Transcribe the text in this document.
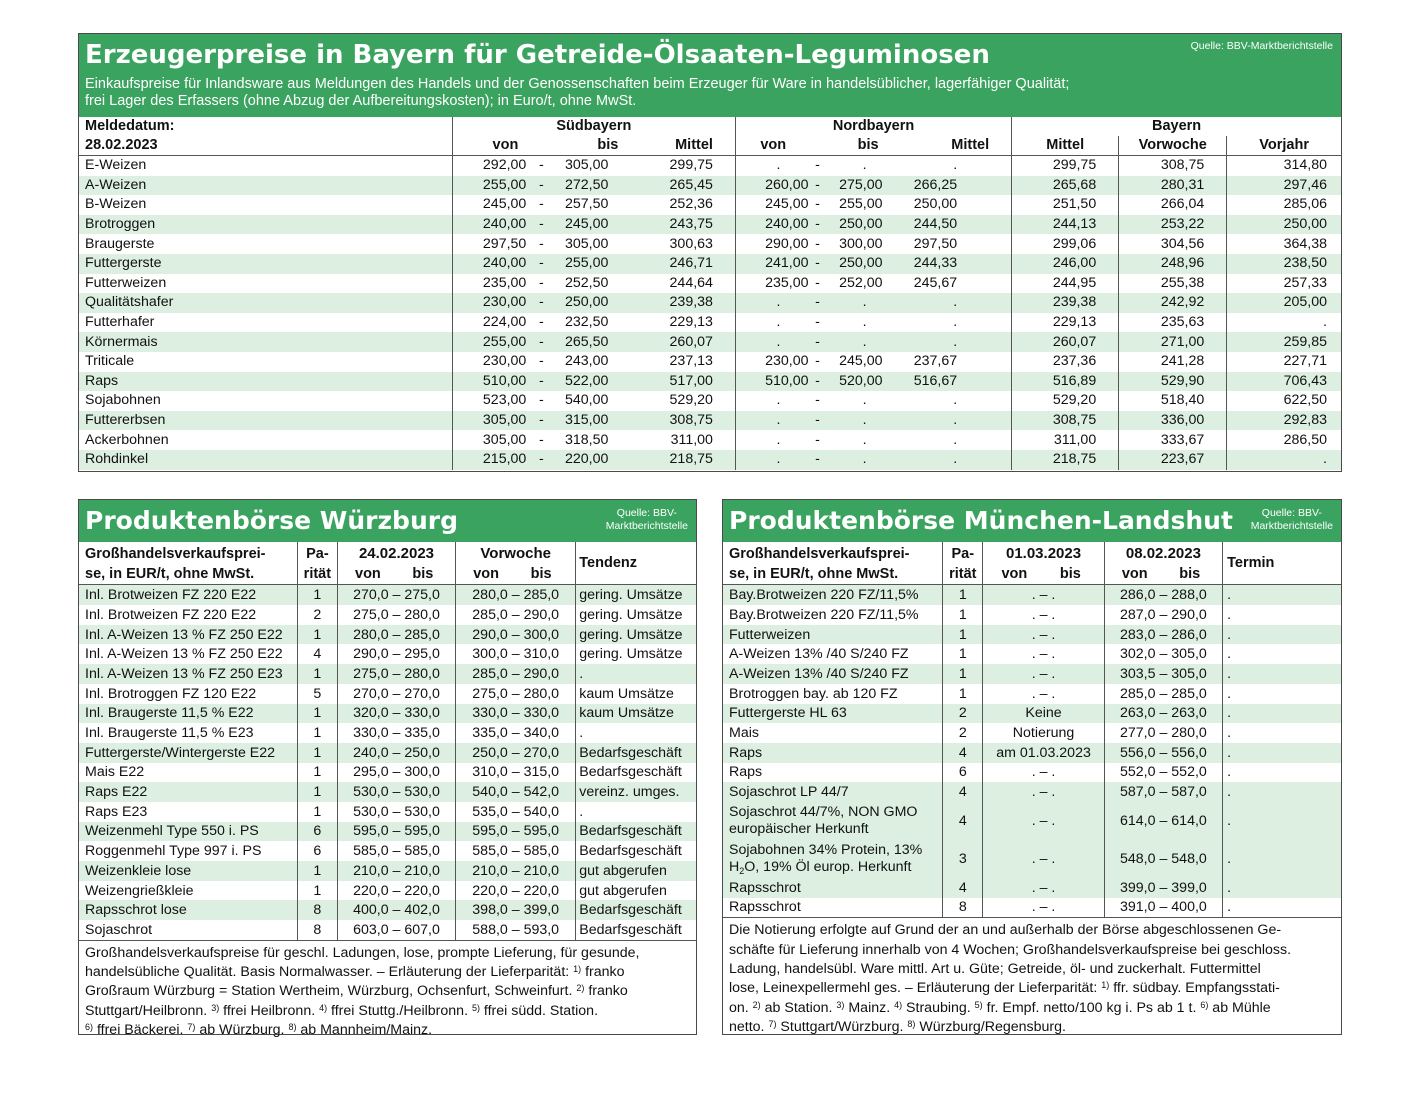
Erzeugerpreise in Bayern für Getreide-Ölsaaten-Leguminosen	Quelle: BBV-Marktberichtstelle
Einkaufspreise für Inlandsware aus Meldungen des Handels und der Genossenschaften beim Erzeuger für Ware in handelsüblicher, lagerfähiger Qualität;
frei Lager des Erfassers (ohne Abzug der Aufbereitungskosten); in Euro/t, ohne MwSt.
Meldedatum:	Südbayern				Nordbayern				Bayern		
28.02.2023	von		bis	Mittel	von		bis	Mittel	Mittel	Vorwoche	Vorjahr
E-Weizen	292,00	-	305,00	299,75	.	-	.	.	299,75	308,75	314,80
A-Weizen	255,00	-	272,50	265,45	260,00	-	275,00	266,25	265,68	280,31	297,46
B-Weizen	245,00	-	257,50	252,36	245,00	-	255,00	250,00	251,50	266,04	285,06
Brotroggen	240,00	-	245,00	243,75	240,00	-	250,00	244,50	244,13	253,22	250,00
Braugerste	297,50	-	305,00	300,63	290,00	-	300,00	297,50	299,06	304,56	364,38
Futtergerste	240,00	-	255,00	246,71	241,00	-	250,00	244,33	246,00	248,96	238,50
Futterweizen	235,00	-	252,50	244,64	235,00	-	252,00	245,67	244,95	255,38	257,33
Qualitätshafer	230,00	-	250,00	239,38	.	-	.	.	239,38	242,92	205,00
Futterhafer	224,00	-	232,50	229,13	.	-	.	.	229,13	235,63	.
Körnermais	255,00	-	265,50	260,07	.	-	.	.	260,07	271,00	259,85
Triticale	230,00	-	243,00	237,13	230,00	-	245,00	237,67	237,36	241,28	227,71
Raps	510,00	-	522,00	517,00	510,00	-	520,00	516,67	516,89	529,90	706,43
Sojabohnen	523,00	-	540,00	529,20	.	-	.	.	529,20	518,40	622,50
Futtererbsen	305,00	-	315,00	308,75	.	-	.	.	308,75	336,00	292,83
Ackerbohnen	305,00	-	318,50	311,00	.	-	.	.	311,00	333,67	286,50
Rohdinkel	215,00	-	220,00	218,75	.	-	.	.	218,75	223,67	.
Produktenbörse Würzburg	Quelle: BBV-
Marktberichtstelle
Großhandelsverkaufsprei-	Pa-	24.02.2023	Vorwoche	Tendenz

se, in EUR/t, ohne MwSt.	rität	von bis	von bis	
Inl. Brotweizen FZ 220 E22	1	270,0 – 275,0	280,0 – 285,0	gering. Umsätze
Inl. Brotweizen FZ 220 E22	2	275,0 – 280,0	285,0 – 290,0	gering. Umsätze
Inl. A-Weizen 13 % FZ 250 E22	1	280,0 – 285,0	290,0 – 300,0	gering. Umsätze
Inl. A-Weizen 13 % FZ 250 E22	4	290,0 – 295,0	300,0 – 310,0	gering. Umsätze
Inl. A-Weizen 13 % FZ 250 E23	1	275,0 – 280,0	285,0 – 290,0	.
Inl. Brotroggen FZ 120 E22	5	270,0 – 270,0	275,0 – 280,0	kaum Umsätze
Inl. Braugerste 11,5 % E22	1	320,0 – 330,0	330,0 – 330,0	kaum Umsätze
Inl. Braugerste 11,5 % E23	1	330,0 – 335,0	335,0 – 340,0	.
Futtergerste/Wintergerste E22	1	240,0 – 250,0	250,0 – 270,0	Bedarfsgeschäft
Mais E22	1	295,0 – 300,0	310,0 – 315,0	Bedarfsgeschäft
Raps E22	1	530,0 – 530,0	540,0 – 542,0	vereinz. umges.
Raps E23	1	530,0 – 530,0	535,0 – 540,0	.
Weizenmehl Type 550 i. PS	6	595,0 – 595,0	595,0 – 595,0	Bedarfsgeschäft
Roggenmehl Type 997 i. PS	6	585,0 – 585,0	585,0 – 585,0	Bedarfsgeschäft
Weizenkleie lose	1	210,0 – 210,0	210,0 – 210,0	gut abgerufen
Weizengrießkleie	1	220,0 – 220,0	220,0 – 220,0	gut abgerufen
Rapsschrot lose	8	400,0 – 402,0	398,0 – 399,0	Bedarfsgeschäft
Sojaschrot	8	603,0 – 607,0	588,0 – 593,0	Bedarfsgeschäft
Großhandelsverkaufspreise für geschl. Ladungen, lose, prompte Lieferung, für gesunde,
handelsübliche Qualität. Basis Normalwasser. – Erläuterung der Lieferparität: $^{1)}$ franko
Großraum Würzburg = Station Wertheim, Würzburg, Ochsenfurt, Schweinfurt. $^{2)}$ franko
Stuttgart/Heilbronn. $^{3)}$ ffrei Heilbronn. $^{4)}$ ffrei Stuttg./Heilbronn. $^{5)}$ ffrei südd. Station.
$^{6)}$ ffrei Bäckerei. $^{7)}$ ab Würzburg. $^{8)}$ ab Mannheim/Mainz.
Produktenbörse München-Landshut	Quelle: BBV-
Marktberichtstelle
Großhandelsverkaufsprei-	Pa-	01.03.2023	08.02.2023	Termin

se, in EUR/t, ohne MwSt.	rität	von bis	von bis	
Bay.Brotweizen 220 FZ/11,5%	1	. – .	286,0 – 288,0	.
Bay.Brotweizen 220 FZ/11,5%	1	. – .	287,0 – 290,0	.
Futterweizen	1	. – .	283,0 – 286,0	.
A-Weizen 13% /40 S/240 FZ	1	. – .	302,0 – 305,0	.
A-Weizen 13% /40 S/240 FZ	1	. – .	303,5 – 305,0	.
Brotroggen bay. ab 120 FZ	1	. – .	285,0 – 285,0	.
Futtergerste HL 63	2	Keine	263,0 – 263,0	.
Mais	2	Notierung	277,0 – 280,0	.
Raps	4	am 01.03.2023	556,0 – 556,0	.
Raps	6	. – .	552,0 – 552,0	.
Sojaschrot LP 44/7	4	. – .	587,0 – 587,0	.

Sojaschrot 44/7%, NON GMO
europäischer Herkunft	4	. – .	614,0 – 614,0	.

Sojabohnen 34% Protein, 13%
$H_2O$, 19% Öl europ. Herkunft	3	. – .	548,0 – 548,0	.
Rapsschrot	4	. – .	399,0 – 399,0	.
Rapsschrot	8	. – .	391,0 – 400,0	.
Die Notierung erfolgte auf Grund der an und außerhalb der Börse abgeschlossenen Ge-
schäfte für Lieferung innerhalb von 4 Wochen; Großhandelsverkaufspreise bei geschloss.
Ladung, handelsübl. Ware mittl. Art u. Güte; Getreide, öl- und zuckerhalt. Futtermittel
lose, Leinexpellermehl ges. – Erläuterung der Lieferparität: $^{1)}$ ffr. südbay. Empfangsstati-
on. $^{2)}$ ab Station. $^{3)}$ Mainz. $^{4)}$ Straubing. $^{5)}$ fr. Empf. netto/100 kg i. Ps ab 1 t. $^{6)}$ ab Mühle
netto. $^{7)}$ Stuttgart/Würzburg. $^{8)}$ Würzburg/Regensburg.
